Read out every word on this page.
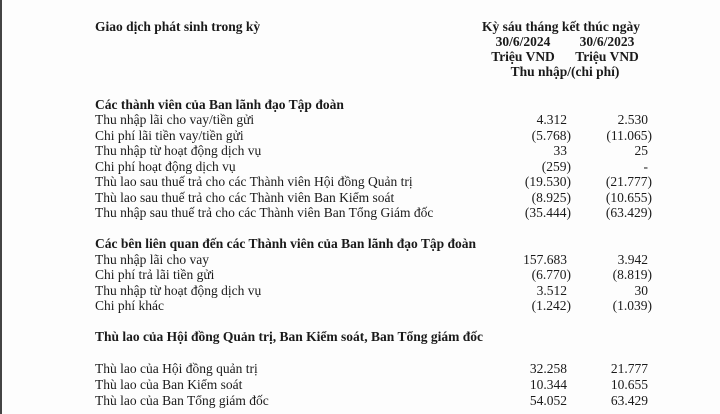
Giao dịch phát sinh trong kỳ	Kỳ sáu tháng kết thúc ngày
30/6/2024	30/6/2023
Triệu VND	Triệu VND
Thu nhập/(chi phí)
Các thành viên của Ban lãnh đạo Tập đoàn
Thu nhập lãi cho vay/tiền gửi	4.312	2.530
Chi phí lãi tiền vay/tiền gửi	(5.768)	(11.065)
Thu nhập từ hoạt động dịch vụ	33	25
Chi phí hoạt động dịch vụ	(259)	-
Thù lao sau thuế trả cho các Thành viên Hội đồng Quản trị	(19.530)	(21.777)
Thù lao sau thuế trả cho các Thành viên Ban Kiểm soát	(8.925)	(10.655)
Thu nhập sau thuế trả cho các Thành viên Ban Tổng Giám đốc	(35.444)	(63.429)
Các bên liên quan đến các Thành viên của Ban lãnh đạo Tập đoàn
Thu nhập lãi cho vay	157.683	3.942
Chi phí trả lãi tiền gửi	(6.770)	(8.819)
Thu nhập từ hoạt động dịch vụ	3.512	30
Chi phí khác	(1.242)	(1.039)
Thù lao của Hội đồng Quản trị, Ban Kiểm soát, Ban Tổng giám đốc
Thù lao của Hội đồng quản trị	32.258	21.777
Thù lao của Ban Kiểm soát	10.344	10.655
Thù lao của Ban Tổng giám đốc	54.052	63.429
